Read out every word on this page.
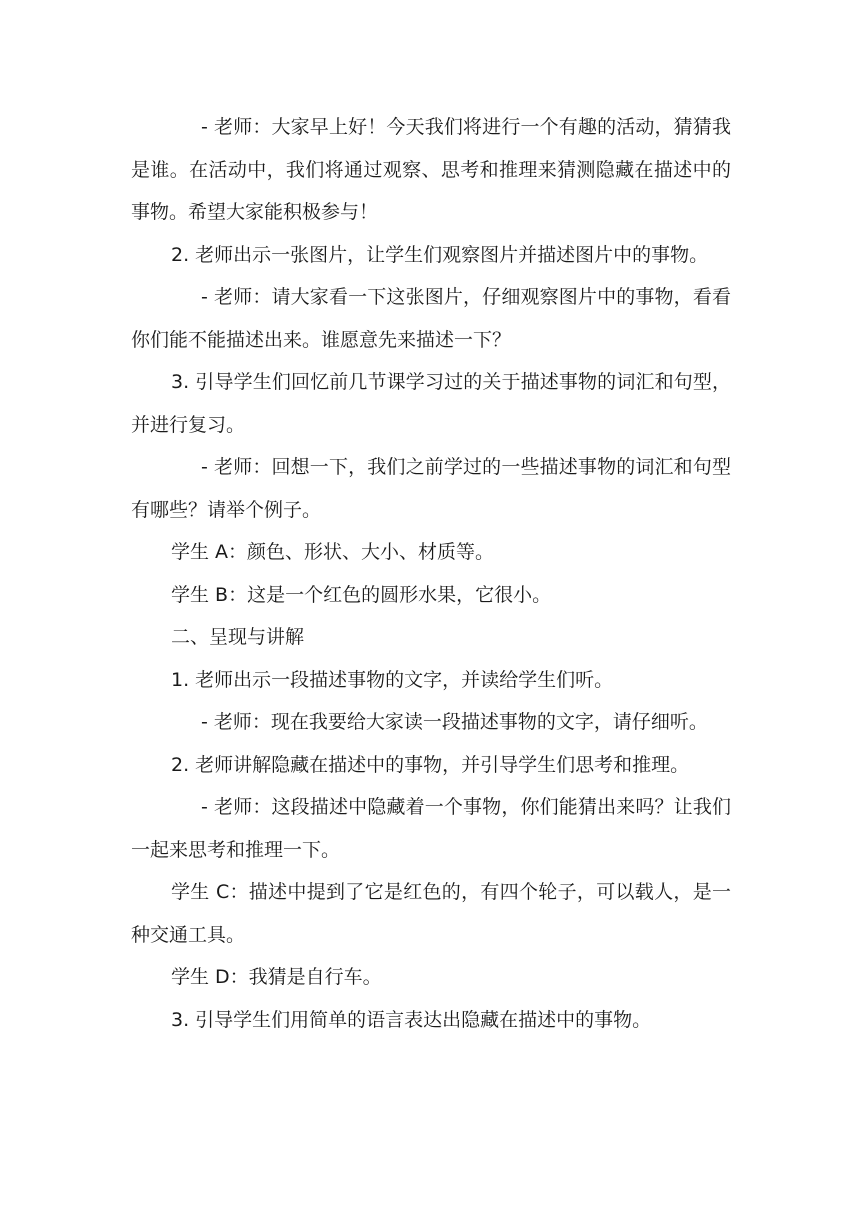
- 老师：大家早上好！今天我们将进行一个有趣的活动，猜猜我是谁。在活动中，我们将通过观察、思考和推理来猜测隐藏在描述中的事物。希望大家能积极参与！

2. 老师出示一张图片，让学生们观察图片并描述图片中的事物。

- 老师：请大家看一下这张图片，仔细观察图片中的事物，看看你们能不能描述出来。谁愿意先来描述一下？

3. 引导学生们回忆前几节课学习过的关于描述事物的词汇和句型，并进行复习。

- 老师：回想一下，我们之前学过的一些描述事物的词汇和句型有哪些？请举个例子。

学生 A：颜色、形状、大小、材质等。

学生 B：这是一个红色的圆形水果，它很小。

二、呈现与讲解

1. 老师出示一段描述事物的文字，并读给学生们听。

- 老师：现在我要给大家读一段描述事物的文字，请仔细听。

2. 老师讲解隐藏在描述中的事物，并引导学生们思考和推理。

- 老师：这段描述中隐藏着一个事物，你们能猜出来吗？让我们一起来思考和推理一下。

学生 C：描述中提到了它是红色的，有四个轮子，可以载人，是一种交通工具。

学生 D：我猜是自行车。

3. 引导学生们用简单的语言表达出隐藏在描述中的事物。
